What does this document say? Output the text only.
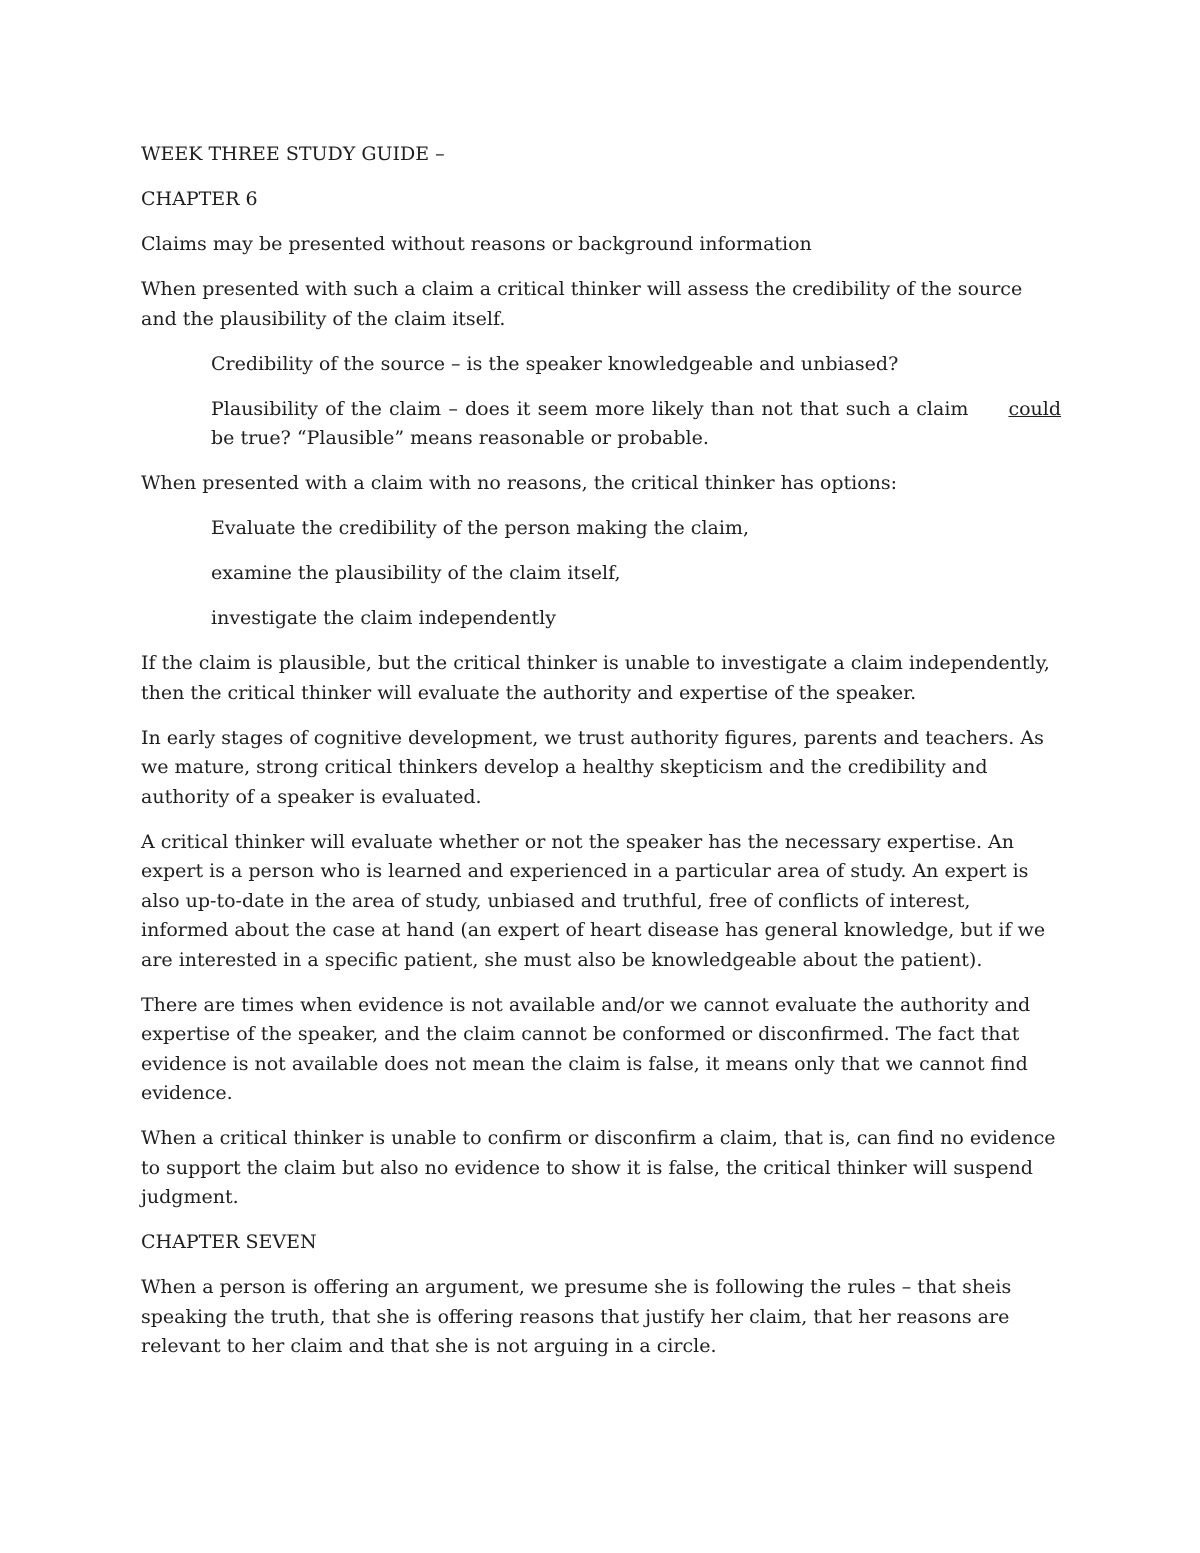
WEEK THREE STUDY GUIDE –

CHAPTER 6

Claims may be presented without reasons or background information

When presented with such a claim a critical thinker will assess the credibility of the source and the plausibility of the claim itself.

Credibility of the source – is the speaker knowledgeable and unbiased?

Plausibility of the claim – does it seem more likely than not that such a claim could be true? “Plausible” means reasonable or probable.

When presented with a claim with no reasons, the critical thinker has options:

Evaluate the credibility of the person making the claim,

examine the plausibility of the claim itself,

investigate the claim independently

If the claim is plausible, but the critical thinker is unable to investigate a claim independently, then the critical thinker will evaluate the authority and expertise of the speaker.

In early stages of cognitive development, we trust authority figures, parents and teachers. As we mature, strong critical thinkers develop a healthy skepticism and the credibility and authority of a speaker is evaluated.

A critical thinker will evaluate whether or not the speaker has the necessary expertise. An expert is a person who is learned and experienced in a particular area of study. An expert is also up-to-date in the area of study, unbiased and truthful, free of conflicts of interest, informed about the case at hand (an expert of heart disease has general knowledge, but if we are interested in a specific patient, she must also be knowledgeable about the patient).

There are times when evidence is not available and/or we cannot evaluate the authority and expertise of the speaker, and the claim cannot be conformed or disconfirmed. The fact that evidence is not available does not mean the claim is false, it means only that we cannot find evidence.

When a critical thinker is unable to confirm or disconfirm a claim, that is, can find no evidence to support the claim but also no evidence to show it is false, the critical thinker will suspend judgment.

CHAPTER SEVEN

When a person is offering an argument, we presume she is following the rules – that sheis speaking the truth, that she is offering reasons that justify her claim, that her reasons are relevant to her claim and that she is not arguing in a circle.
